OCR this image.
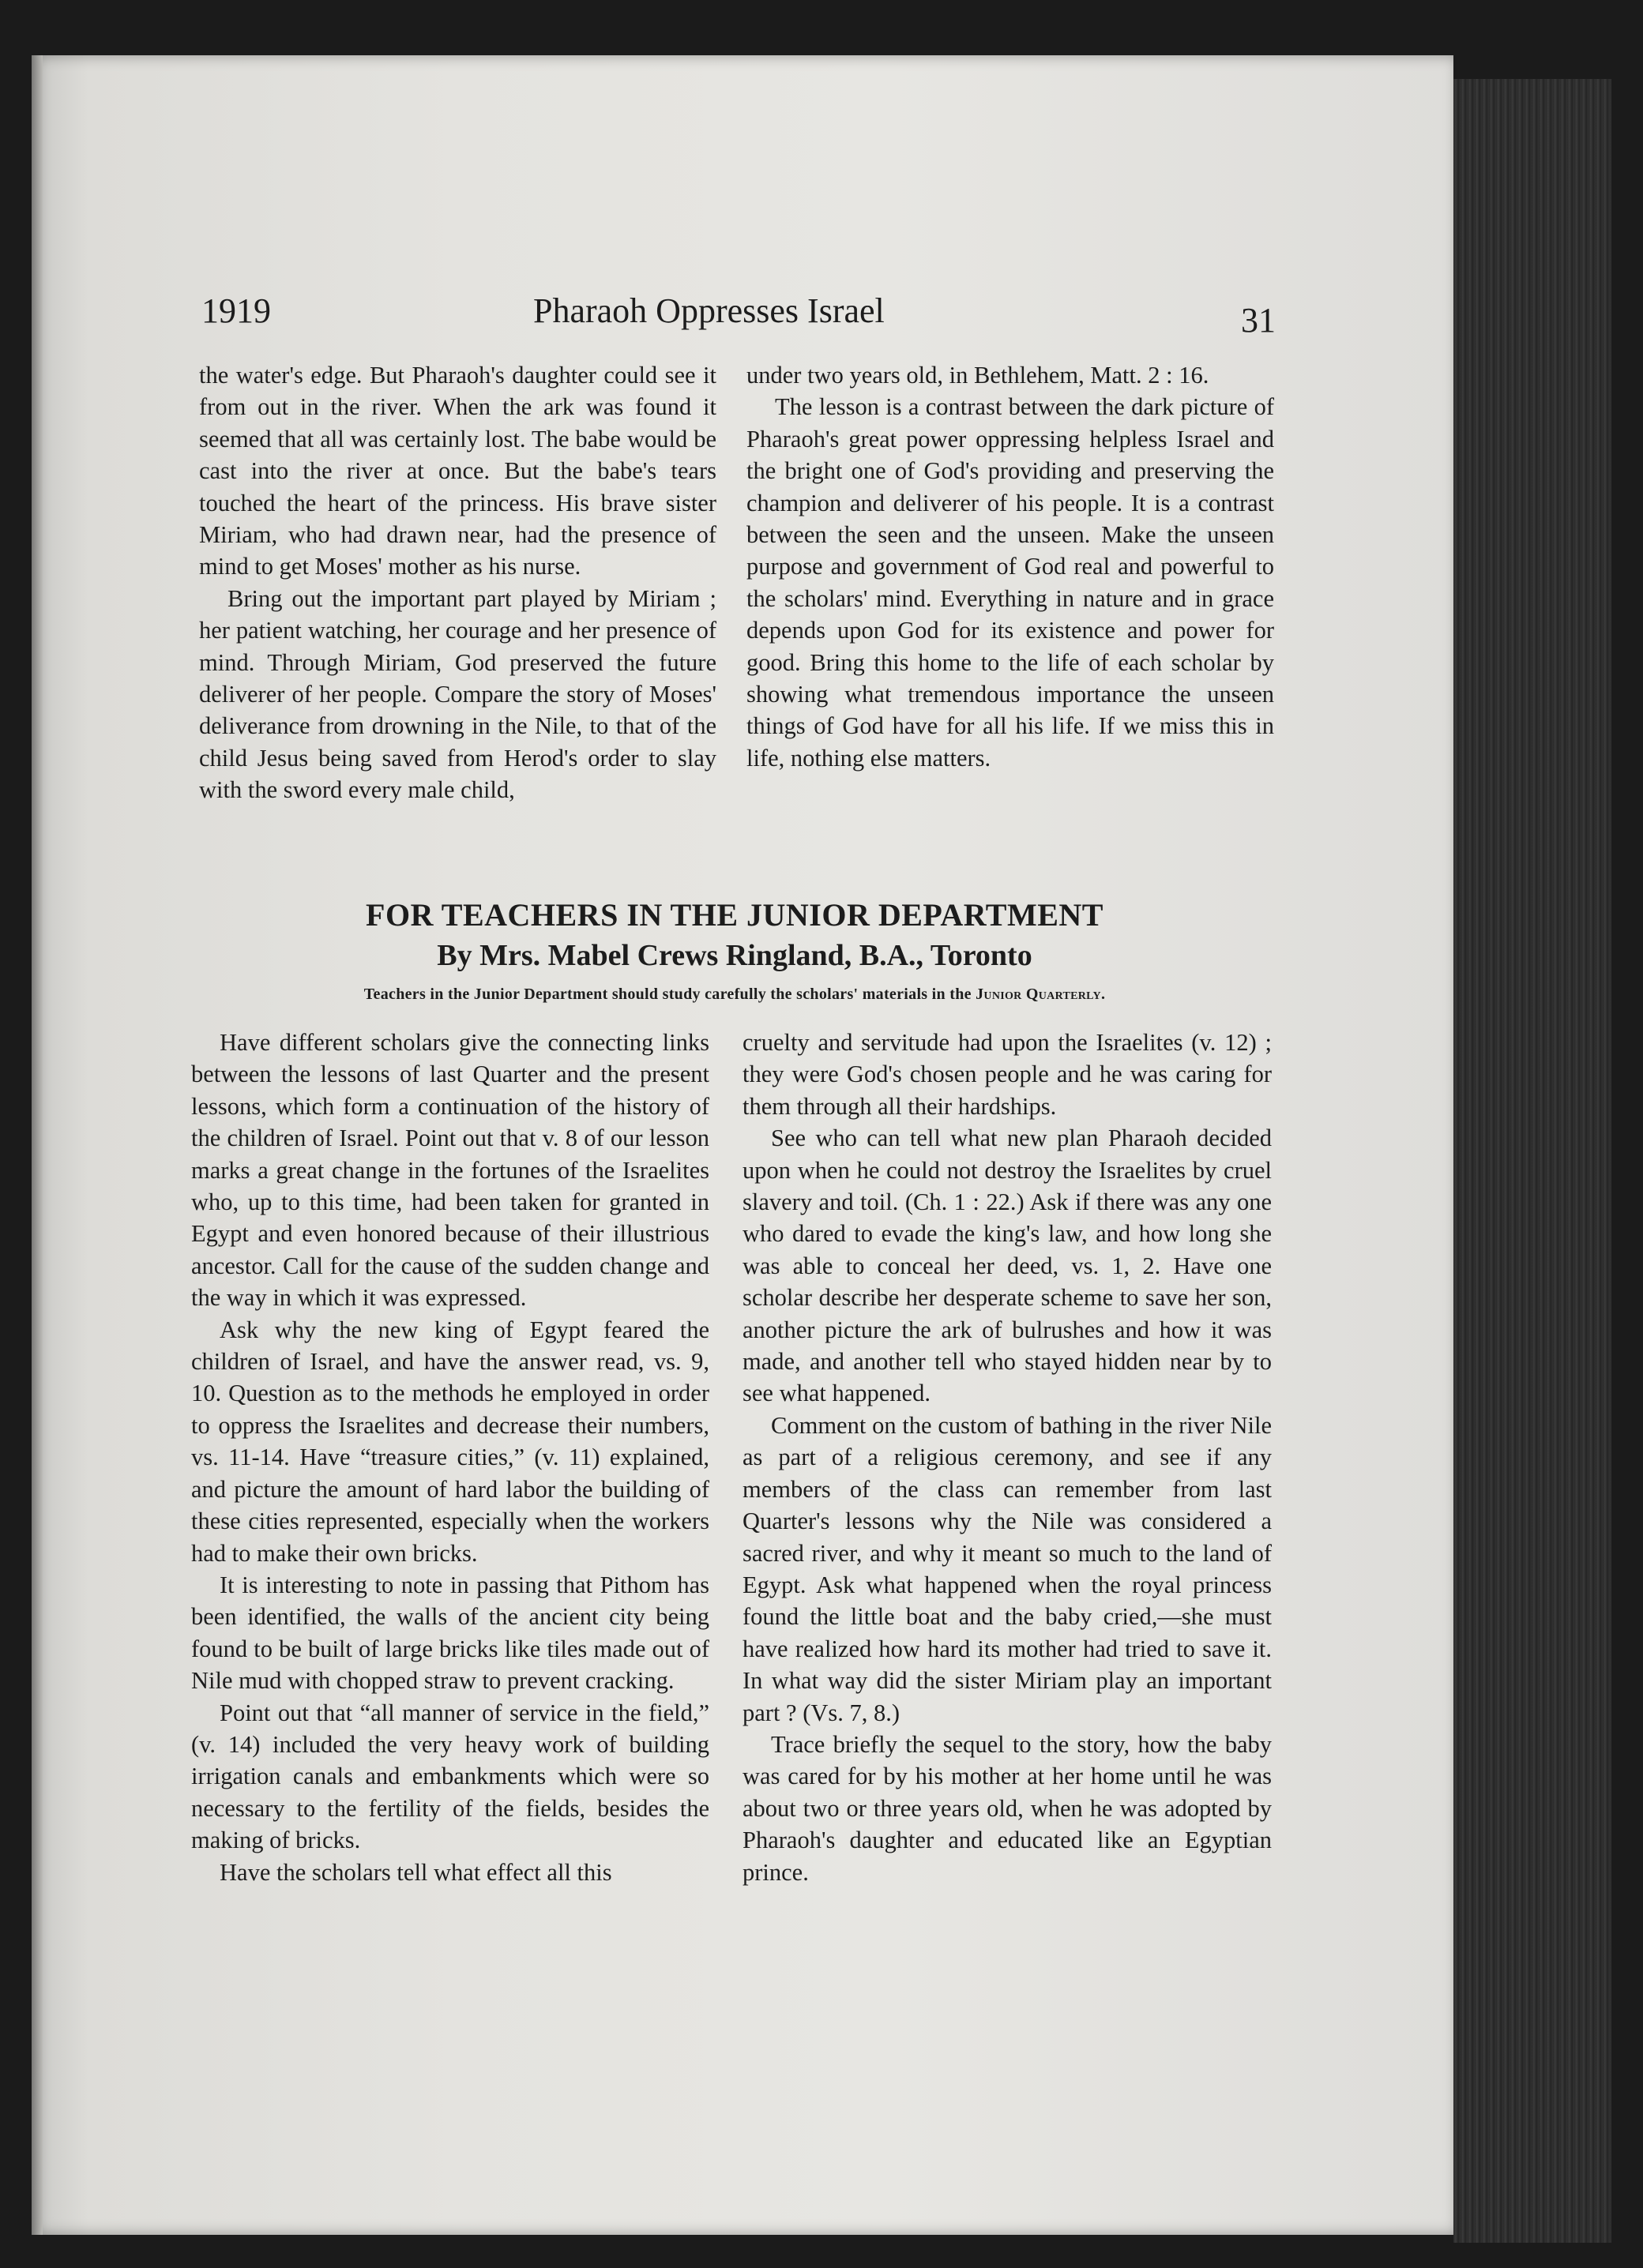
1919	Pharaoh Oppresses Israel	31

the water's edge. But Pharaoh's daughter could see it from out in the river. When the ark was found it seemed that all was certainly lost. The babe would be cast into the river at once. But the babe's tears touched the heart of the princess. His brave sister Miriam, who had drawn near, had the presence of mind to get Moses' mother as his nurse.

Bring out the important part played by Miriam ; her patient watching, her courage and her presence of mind. Through Miriam, God preserved the future deliverer of her people. Compare the story of Moses' deliverance from drowning in the Nile, to that of the child Jesus being saved from Herod's order to slay with the sword every male child,

under two years old, in Bethlehem, Matt. 2 : 16.

The lesson is a contrast between the dark picture of Pharaoh's great power oppressing helpless Israel and the bright one of God's providing and preserving the champion and deliverer of his people. It is a contrast between the seen and the unseen. Make the unseen purpose and government of God real and powerful to the scholars' mind. Everything in nature and in grace depends upon God for its existence and power for good. Bring this home to the life of each scholar by showing what tremendous importance the unseen things of God have for all his life. If we miss this in life, nothing else matters.

FOR TEACHERS IN THE JUNIOR DEPARTMENT
By Mrs. Mabel Crews Ringland, B.A., Toronto
Teachers in the Junior Department should study carefully the scholars' materials in the Junior Quarterly.

Have different scholars give the connecting links between the lessons of last Quarter and the present lessons, which form a continuation of the history of the children of Israel. Point out that v. 8 of our lesson marks a great change in the fortunes of the Israelites who, up to this time, had been taken for granted in Egypt and even honored because of their illustrious ancestor. Call for the cause of the sudden change and the way in which it was expressed.

Ask why the new king of Egypt feared the children of Israel, and have the answer read, vs. 9, 10. Question as to the methods he employed in order to oppress the Israelites and decrease their numbers, vs. 11-14. Have “treasure cities,” (v. 11) explained, and picture the amount of hard labor the building of these cities represented, especially when the workers had to make their own bricks.

It is interesting to note in passing that Pithom has been identified, the walls of the ancient city being found to be built of large bricks like tiles made out of Nile mud with chopped straw to prevent cracking.

Point out that “all manner of service in the field,” (v. 14) included the very heavy work of building irrigation canals and embankments which were so necessary to the fertility of the fields, besides the making of bricks.

Have the scholars tell what effect all this

cruelty and servitude had upon the Israelites (v. 12) ; they were God's chosen people and he was caring for them through all their hardships.

See who can tell what new plan Pharaoh decided upon when he could not destroy the Israelites by cruel slavery and toil. (Ch. 1 : 22.) Ask if there was any one who dared to evade the king's law, and how long she was able to conceal her deed, vs. 1, 2. Have one scholar describe her desperate scheme to save her son, another picture the ark of bulrushes and how it was made, and another tell who stayed hidden near by to see what happened.

Comment on the custom of bathing in the river Nile as part of a religious ceremony, and see if any members of the class can remember from last Quarter's lessons why the Nile was considered a sacred river, and why it meant so much to the land of Egypt. Ask what happened when the royal princess found the little boat and the baby cried,—she must have realized how hard its mother had tried to save it. In what way did the sister Miriam play an important part ? (Vs. 7, 8.)

Trace briefly the sequel to the story, how the baby was cared for by his mother at her home until he was about two or three years old, when he was adopted by Pharaoh's daughter and educated like an Egyptian prince.
